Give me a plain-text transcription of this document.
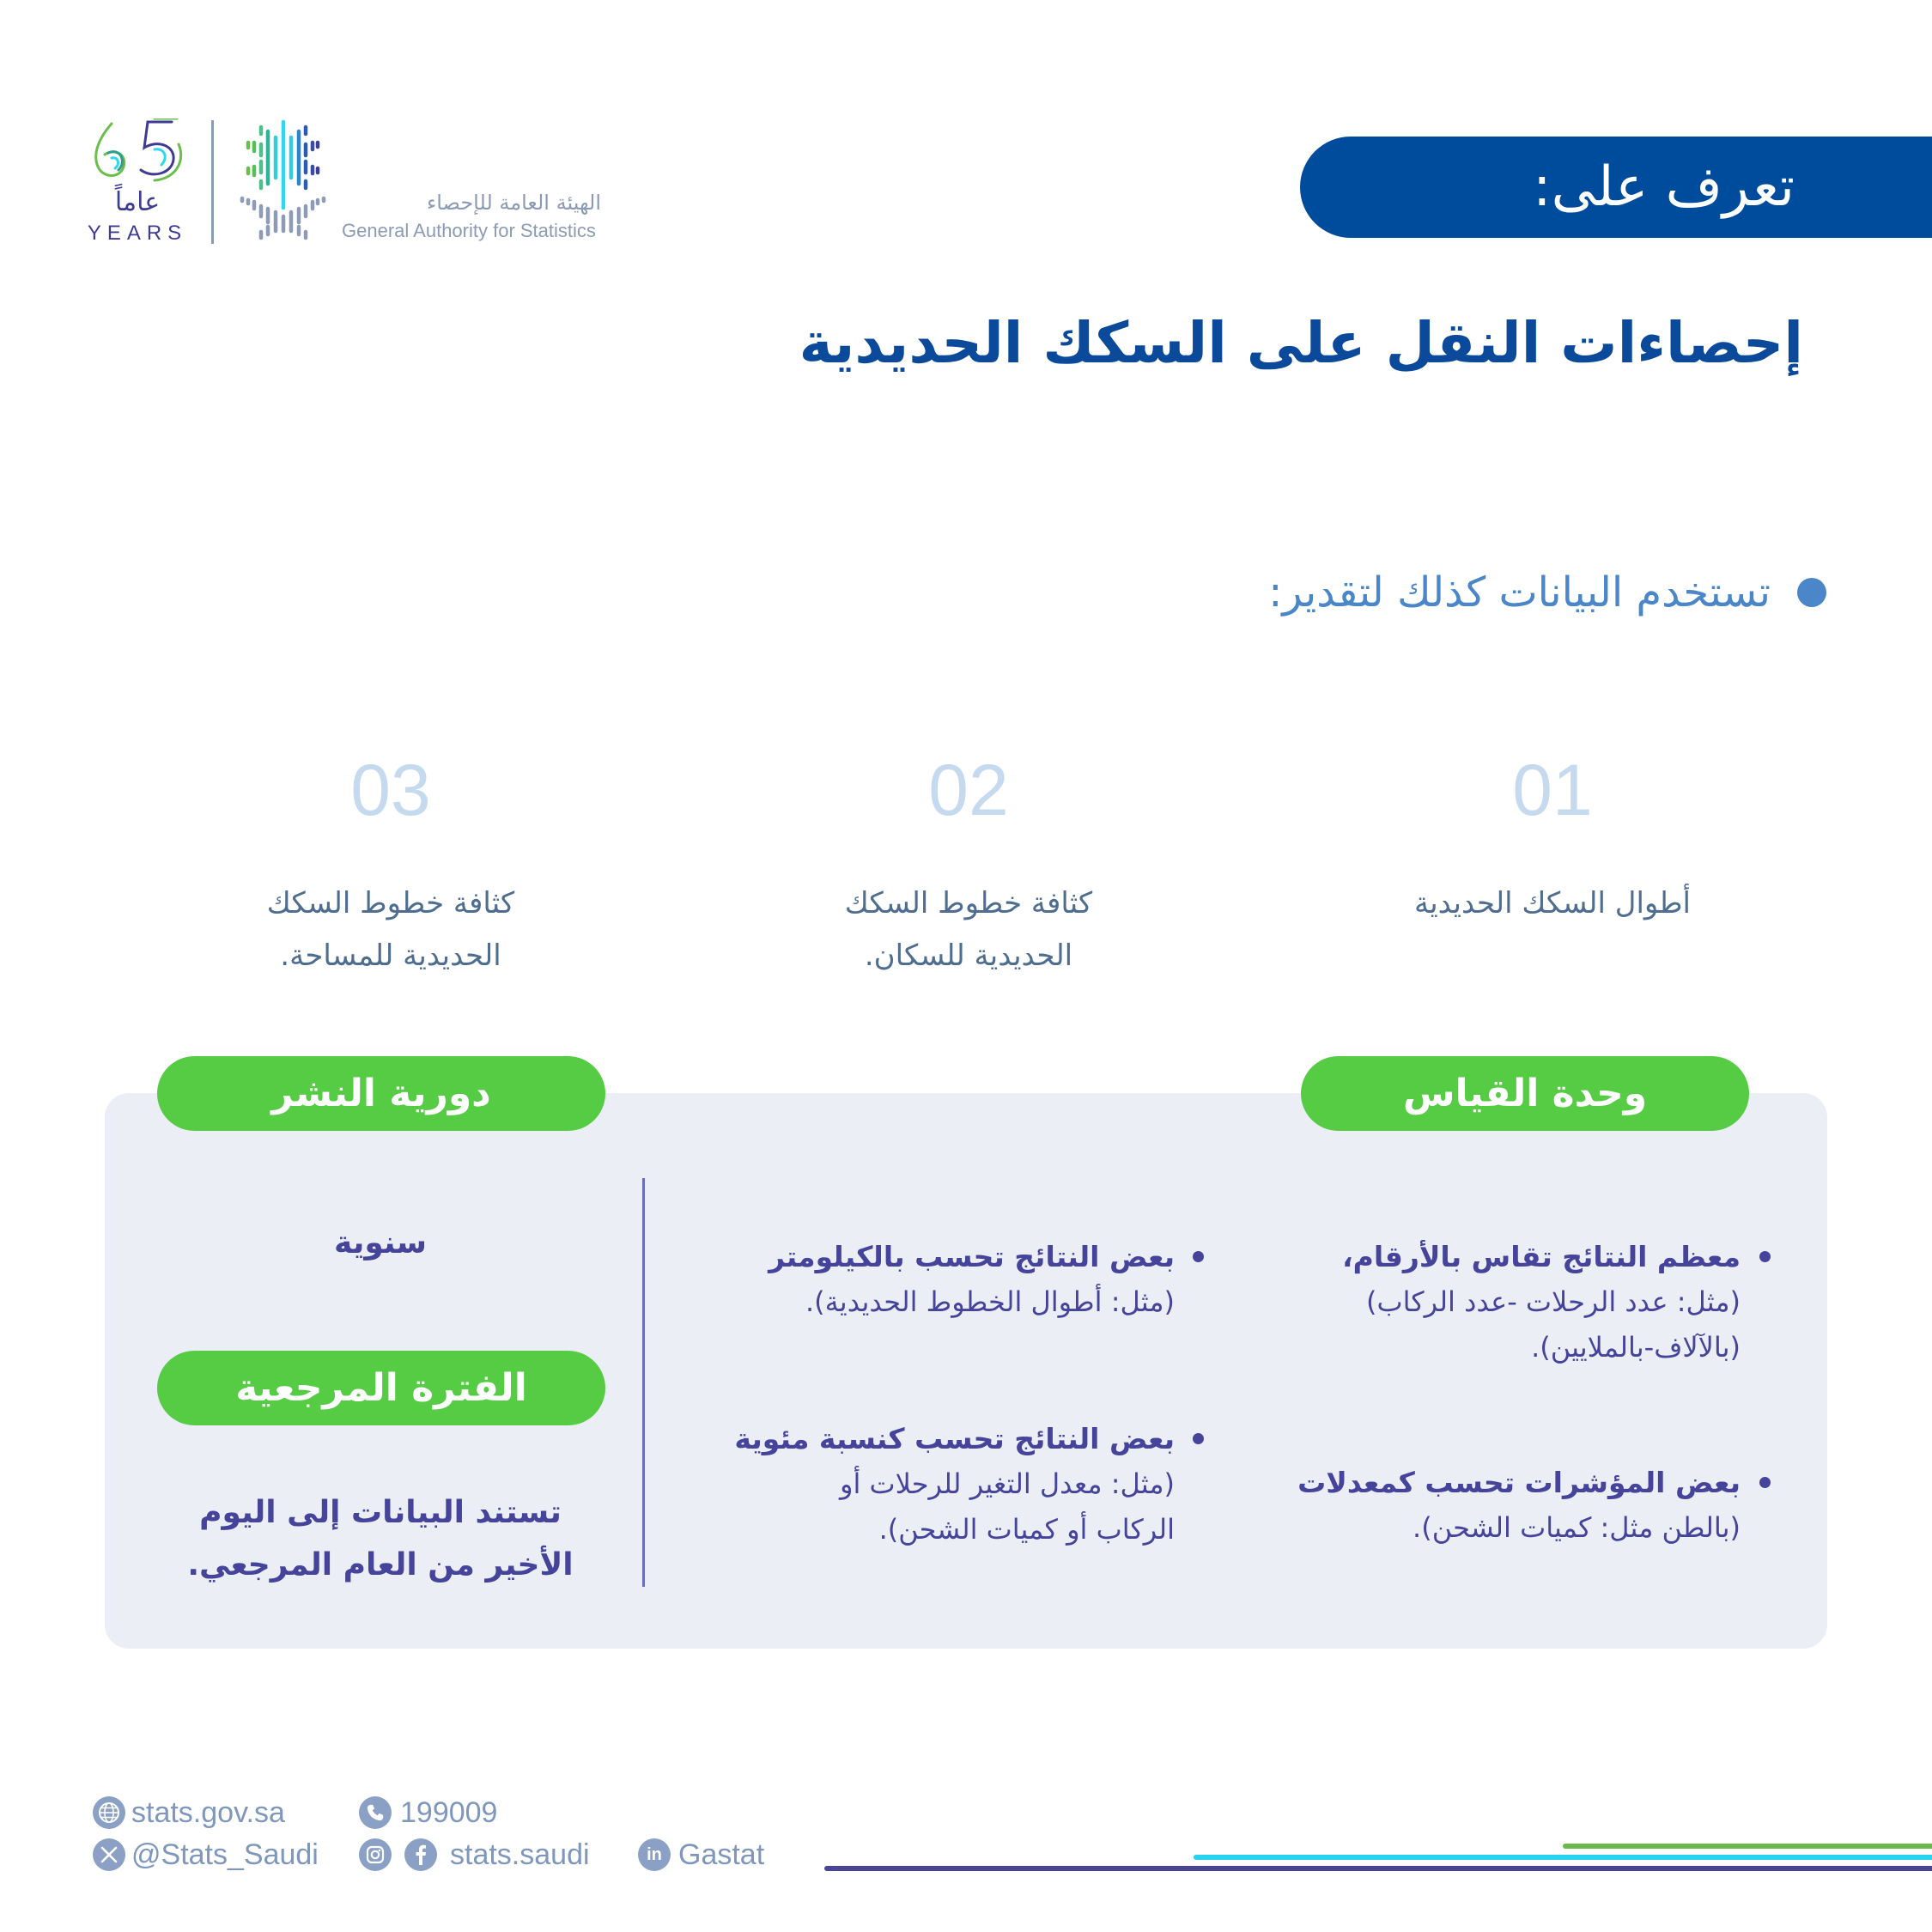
عاماً
YEARS
الهيئة العامة للإحصاء
General Authority for Statistics
تعرف على:
إحصاءات النقل على السكك الحديدية
تستخدم البيانات كذلك لتقدير:
01
أطوال السكك الحديدية
02
كثافة خطوط السكك
الحديدية للسكان.
03
كثافة خطوط السكك
الحديدية للمساحة.
وحدة القياس
دورية النشر
معظم النتائج تقاس بالأرقام،
(مثل: عدد الرحلات -عدد الركاب)
(بالآلاف-بالملايين).
بعض المؤشرات تحسب كمعدلات
(بالطن مثل: كميات الشحن).
بعض النتائج تحسب بالكيلومتر
(مثل: أطوال الخطوط الحديدية).
بعض النتائج تحسب كنسبة مئوية
(مثل: معدل التغير للرحلات أو
الركاب أو كميات الشحن).
سنوية
الفترة المرجعية
تستند البيانات إلى اليوم
الأخير من العام المرجعي.
stats.gov.sa	199009
@Stats_Saudi	stats.saudi	in Gastat
